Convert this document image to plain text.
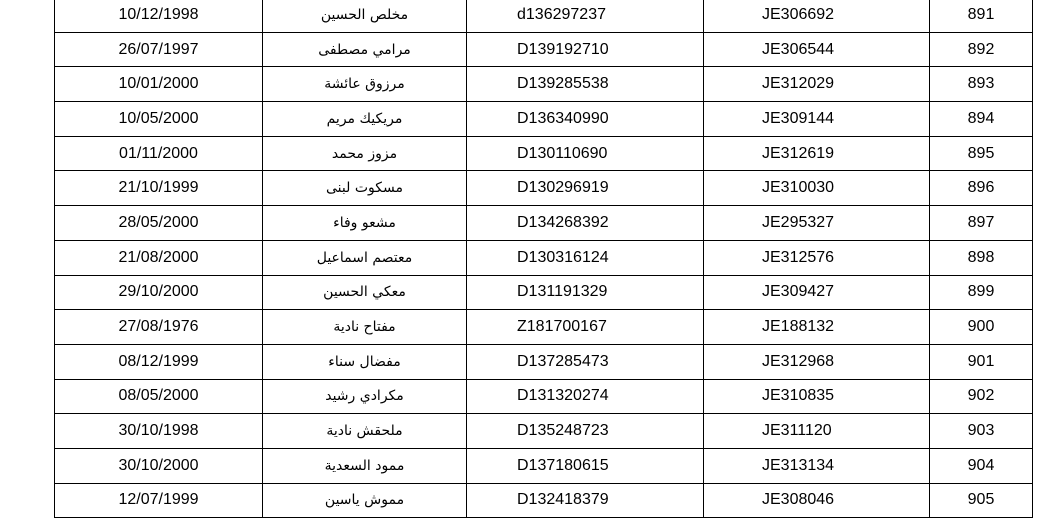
10/12/1998	مخلص الحسين	d136297237	JE306692	891
26/07/1997	مرامي مصطفى	D139192710	JE306544	892
10/01/2000	مرزوق عائشة	D139285538	JE312029	893
10/05/2000	مريكيك مريم	D136340990	JE309144	894
01/11/2000	مزوز محمد	D130110690	JE312619	895
21/10/1999	مسكوت لبنى	D130296919	JE310030	896
28/05/2000	مشعو وفاء	D134268392	JE295327	897
21/08/2000	معتصم اسماعيل	D130316124	JE312576	898
29/10/2000	معكي الحسين	D131191329	JE309427	899
27/08/1976	مفتاح نادية	Z181700167	JE188132	900
08/12/1999	مفضال سناء	D137285473	JE312968	901
08/05/2000	مكرادي رشيد	D131320274	JE310835	902
30/10/1998	ملحقش نادية	D135248723	JE311120	903
30/10/2000	ممود السعدية	D137180615	JE313134	904
12/07/1999	مموش ياسين	D132418379	JE308046	905
